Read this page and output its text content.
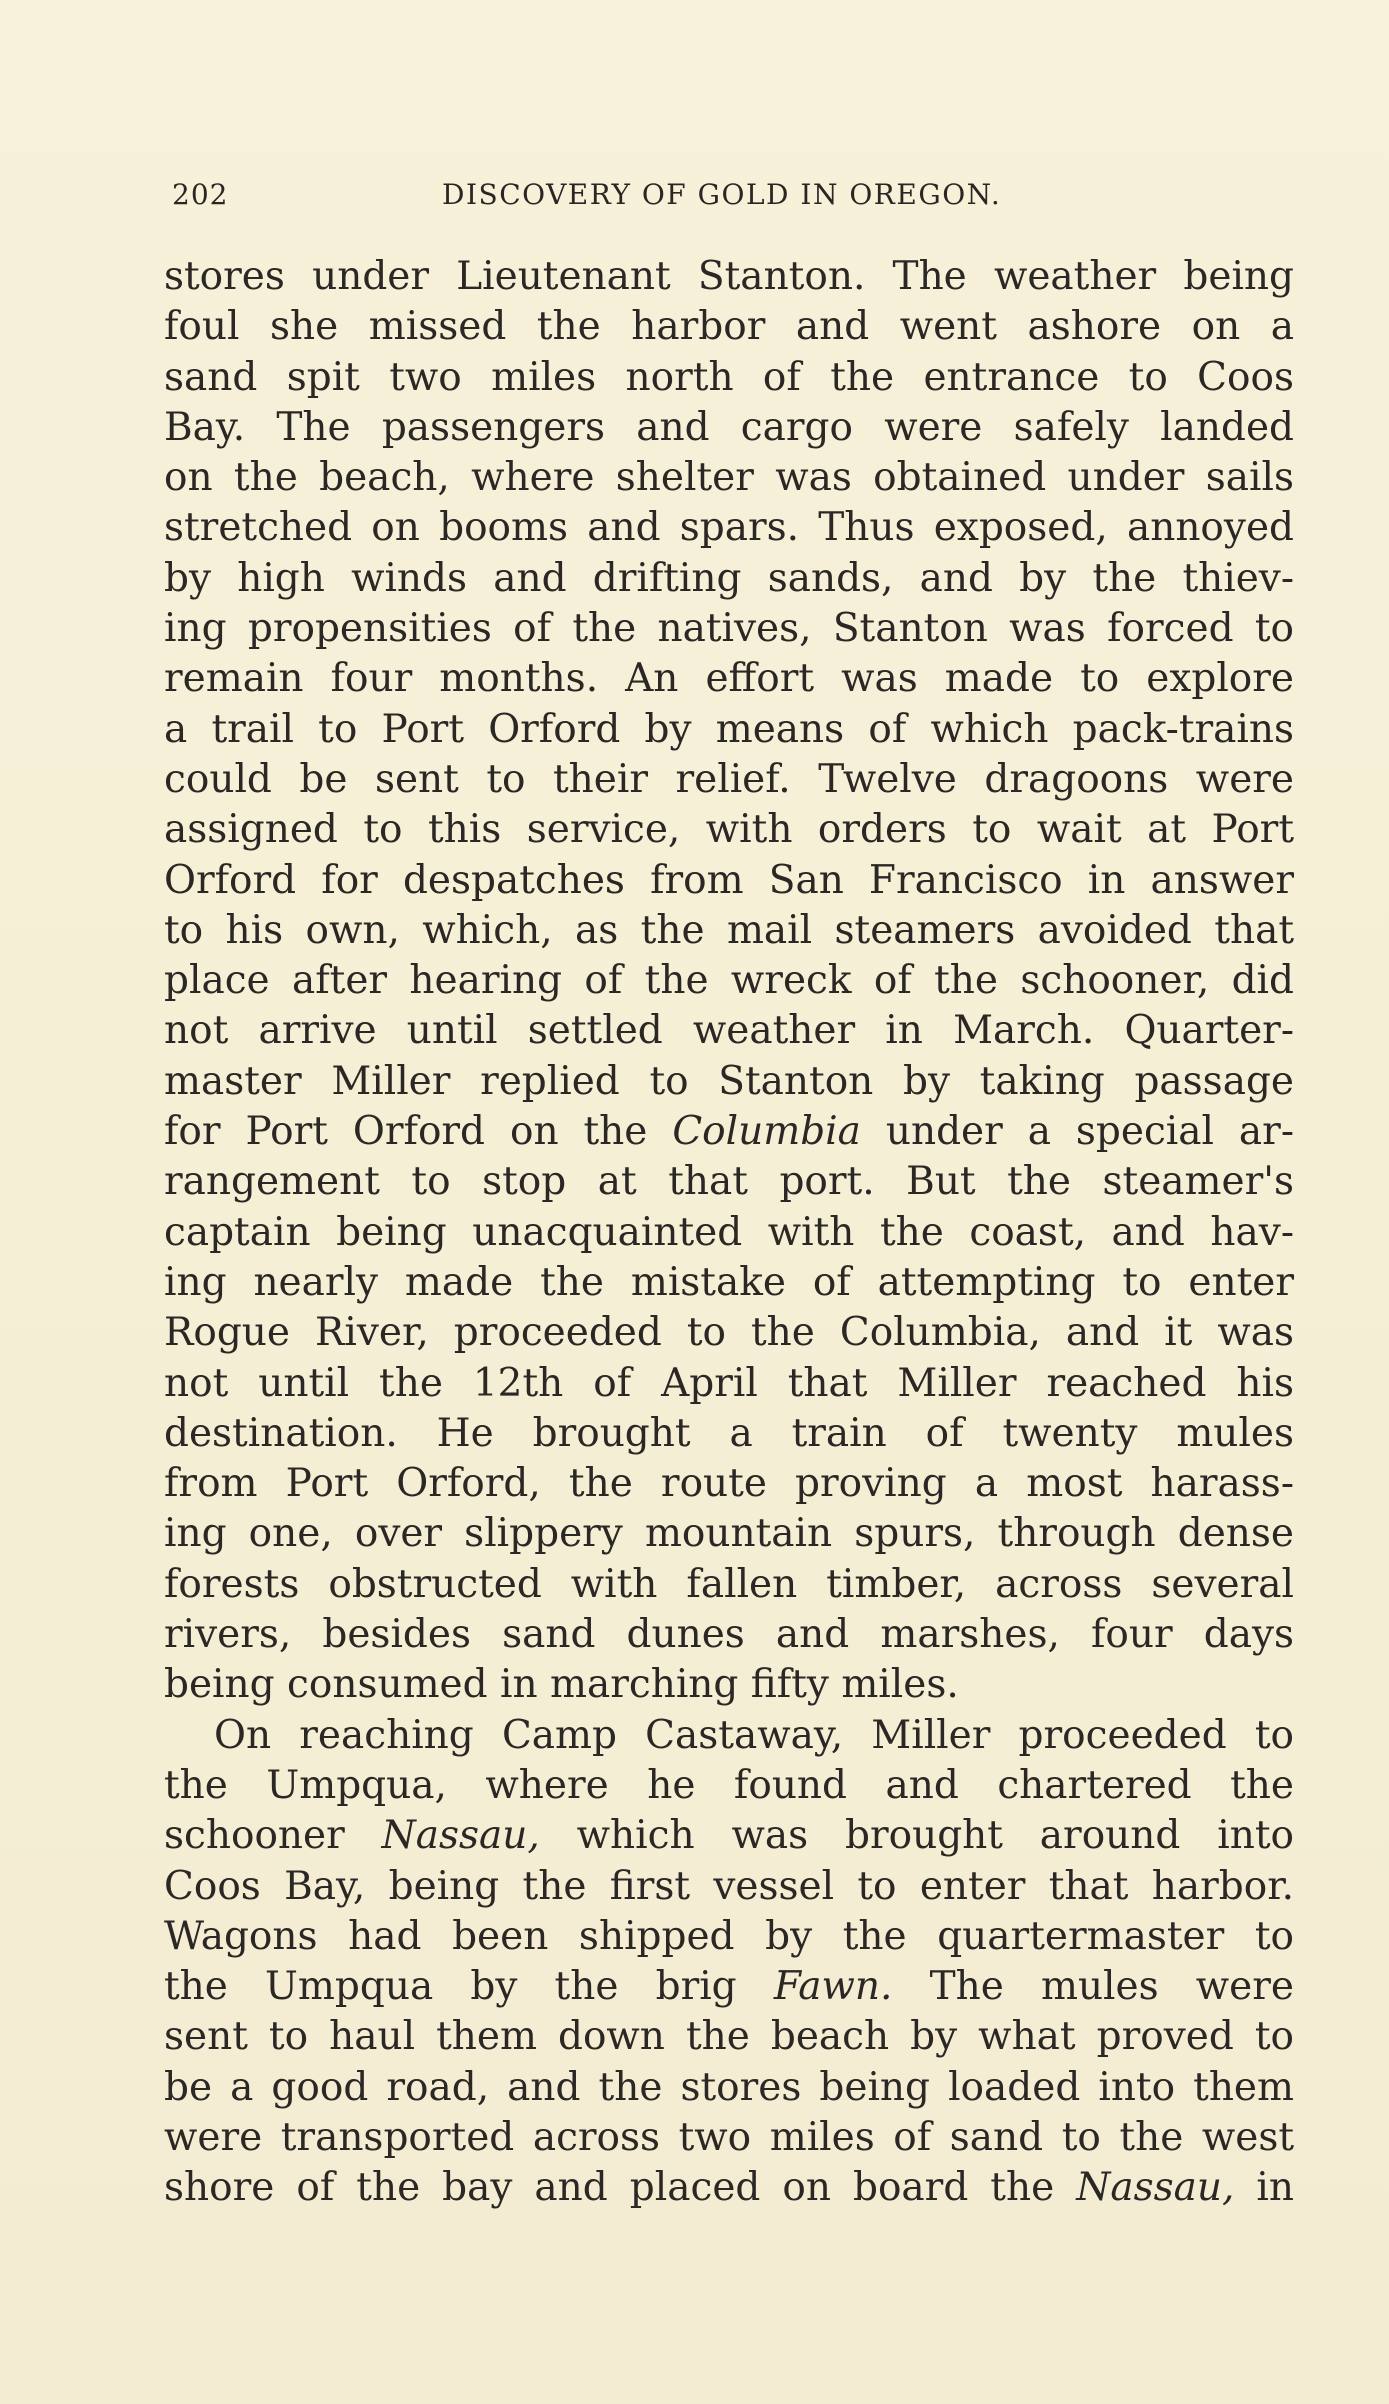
202	DISCOVERY OF GOLD IN OREGON.
stores under Lieutenant Stanton. The weather being
foul she missed the harbor and went ashore on a
sand spit two miles north of the entrance to Coos
Bay. The passengers and cargo were safely landed
on the beach, where shelter was obtained under sails
stretched on booms and spars. Thus exposed, annoyed
by high winds and drifting sands, and by the thiev-
ing propensities of the natives, Stanton was forced to
remain four months. An effort was made to explore
a trail to Port Orford by means of which pack-trains
could be sent to their relief. Twelve dragoons were
assigned to this service, with orders to wait at Port
Orford for despatches from San Francisco in answer
to his own, which, as the mail steamers avoided that
place after hearing of the wreck of the schooner, did
not arrive until settled weather in March. Quarter-
master Miller replied to Stanton by taking passage
for Port Orford on the Columbia under a special ar-
rangement to stop at that port. But the steamer's
captain being unacquainted with the coast, and hav-
ing nearly made the mistake of attempting to enter
Rogue River, proceeded to the Columbia, and it was
not until the 12th of April that Miller reached his
destination. He brought a train of twenty mules
from Port Orford, the route proving a most harass-
ing one, over slippery mountain spurs, through dense
forests obstructed with fallen timber, across several
rivers, besides sand dunes and marshes, four days
being consumed in marching fifty miles.
On reaching Camp Castaway, Miller proceeded to
the Umpqua, where he found and chartered the
schooner Nassau, which was brought around into
Coos Bay, being the first vessel to enter that harbor.
Wagons had been shipped by the quartermaster to
the Umpqua by the brig Fawn. The mules were
sent to haul them down the beach by what proved to
be a good road, and the stores being loaded into them
were transported across two miles of sand to the west
shore of the bay and placed on board the Nassau, in
